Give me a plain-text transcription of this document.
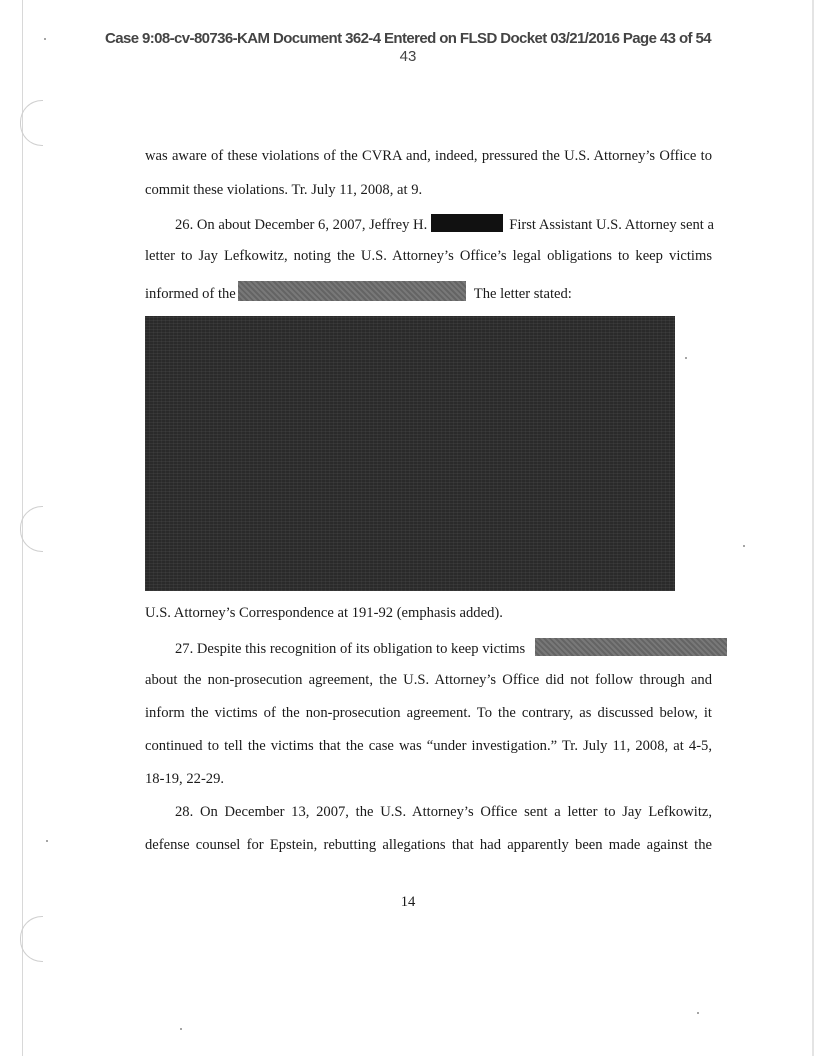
Case 9:08-cv-80736-KAM Document 362-4 Entered on FLSD Docket 03/21/2016 Page 43 of 54
43
was aware of these violations of the CVRA and, indeed, pressured the U.S. Attorney’s Office to
commit these violations. Tr. July 11, 2008, at 9.
26. On about December 6, 2007, Jeffrey H.	First Assistant U.S. Attorney sent a
letter to Jay Lefkowitz, noting the U.S. Attorney’s Office’s legal obligations to keep victims
informed of the	The letter stated:
U.S. Attorney’s Correspondence at 191-92 (emphasis added).
27. Despite this recognition of its obligation to keep victims
about the non-prosecution agreement, the U.S. Attorney’s Office did not follow through and
inform the victims of the non-prosecution agreement. To the contrary, as discussed below, it
continued to tell the victims that the case was “under investigation.” Tr. July 11, 2008, at 4-5,
18-19, 22-29.
28. On December 13, 2007, the U.S. Attorney’s Office sent a letter to Jay Lefkowitz,
defense counsel for Epstein, rebutting allegations that had apparently been made against the
14
